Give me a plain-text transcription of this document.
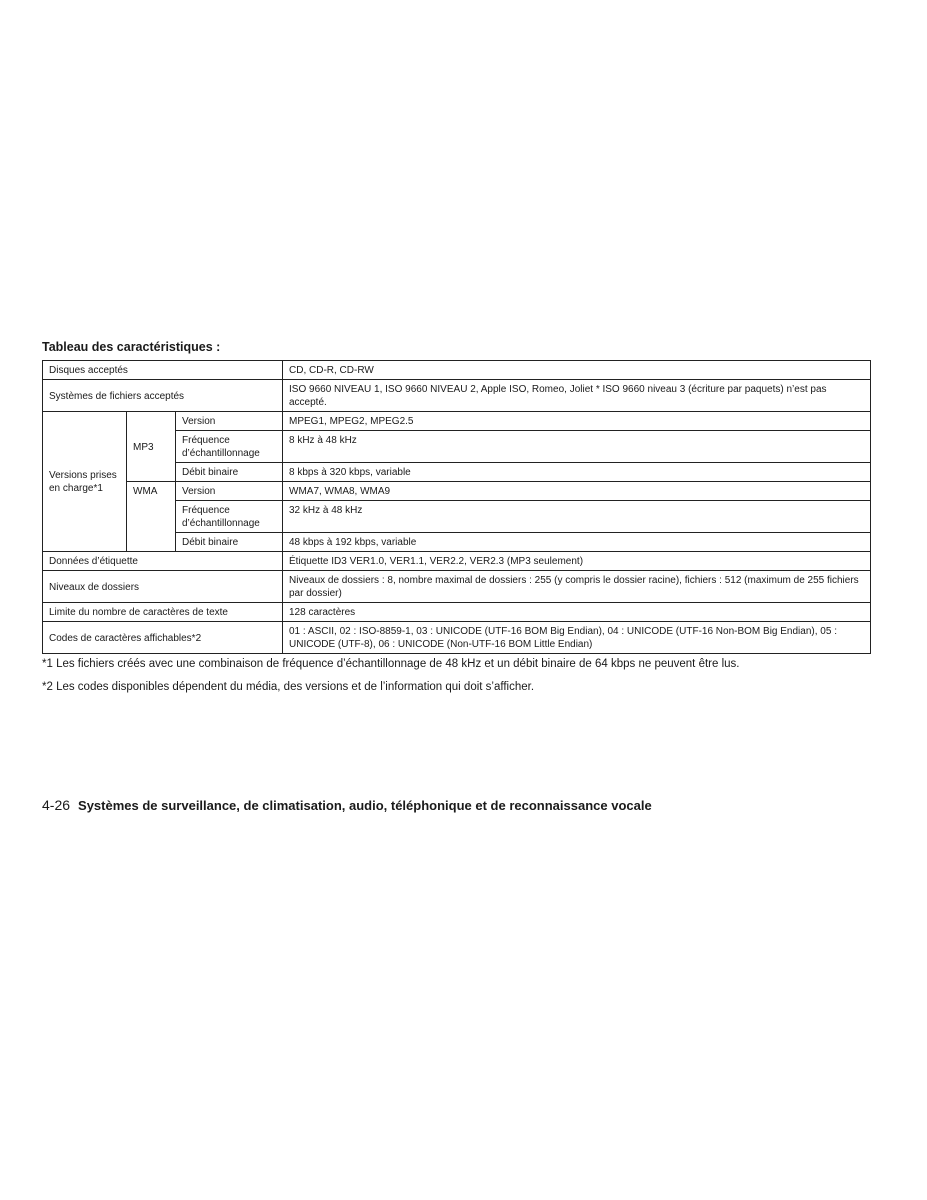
Tableau des caractéristiques :

Disques acceptés			CD, CD-R, CD-RW
Systèmes de fichiers acceptés			ISO 9660 NIVEAU 1, ISO 9660 NIVEAU 2, Apple ISO, Romeo, Joliet * ISO 9660 niveau 3 (écriture par paquets) n’est pas accepté.
Versions prises en charge*1	MP3	Version	MPEG1, MPEG2, MPEG2.5
		Fréquence d’échantillonnage	8 kHz à 48 kHz
		Débit binaire	8 kbps à 320 kbps, variable
	WMA	Version	WMA7, WMA8, WMA9
		Fréquence d’échantillonnage	32 kHz à 48 kHz
		Débit binaire	48 kbps à 192 kbps, variable
Données d’étiquette			Étiquette ID3 VER1.0, VER1.1, VER2.2, VER2.3 (MP3 seulement)
Niveaux de dossiers			Niveaux de dossiers : 8, nombre maximal de dossiers : 255 (y compris le dossier racine), fichiers : 512 (maximum de 255 fichiers par dossier)
Limite du nombre de caractères de texte			128 caractères
Codes de caractères affichables*2			01 : ASCII, 02 : ISO-8859-1, 03 : UNICODE (UTF-16 BOM Big Endian), 04 : UNICODE (UTF-16 Non-BOM Big Endian), 05 : UNICODE (UTF-8), 06 : UNICODE (Non-UTF-16 BOM Little Endian)

*1 Les fichiers créés avec une combinaison de fréquence d’échantillonnage de 48 kHz et un débit binaire de 64 kbps ne peuvent être lus.

*2 Les codes disponibles dépendent du média, des versions et de l’information qui doit s’afficher.

4-26 Systèmes de surveillance, de climatisation, audio, téléphonique et de reconnaissance vocale
